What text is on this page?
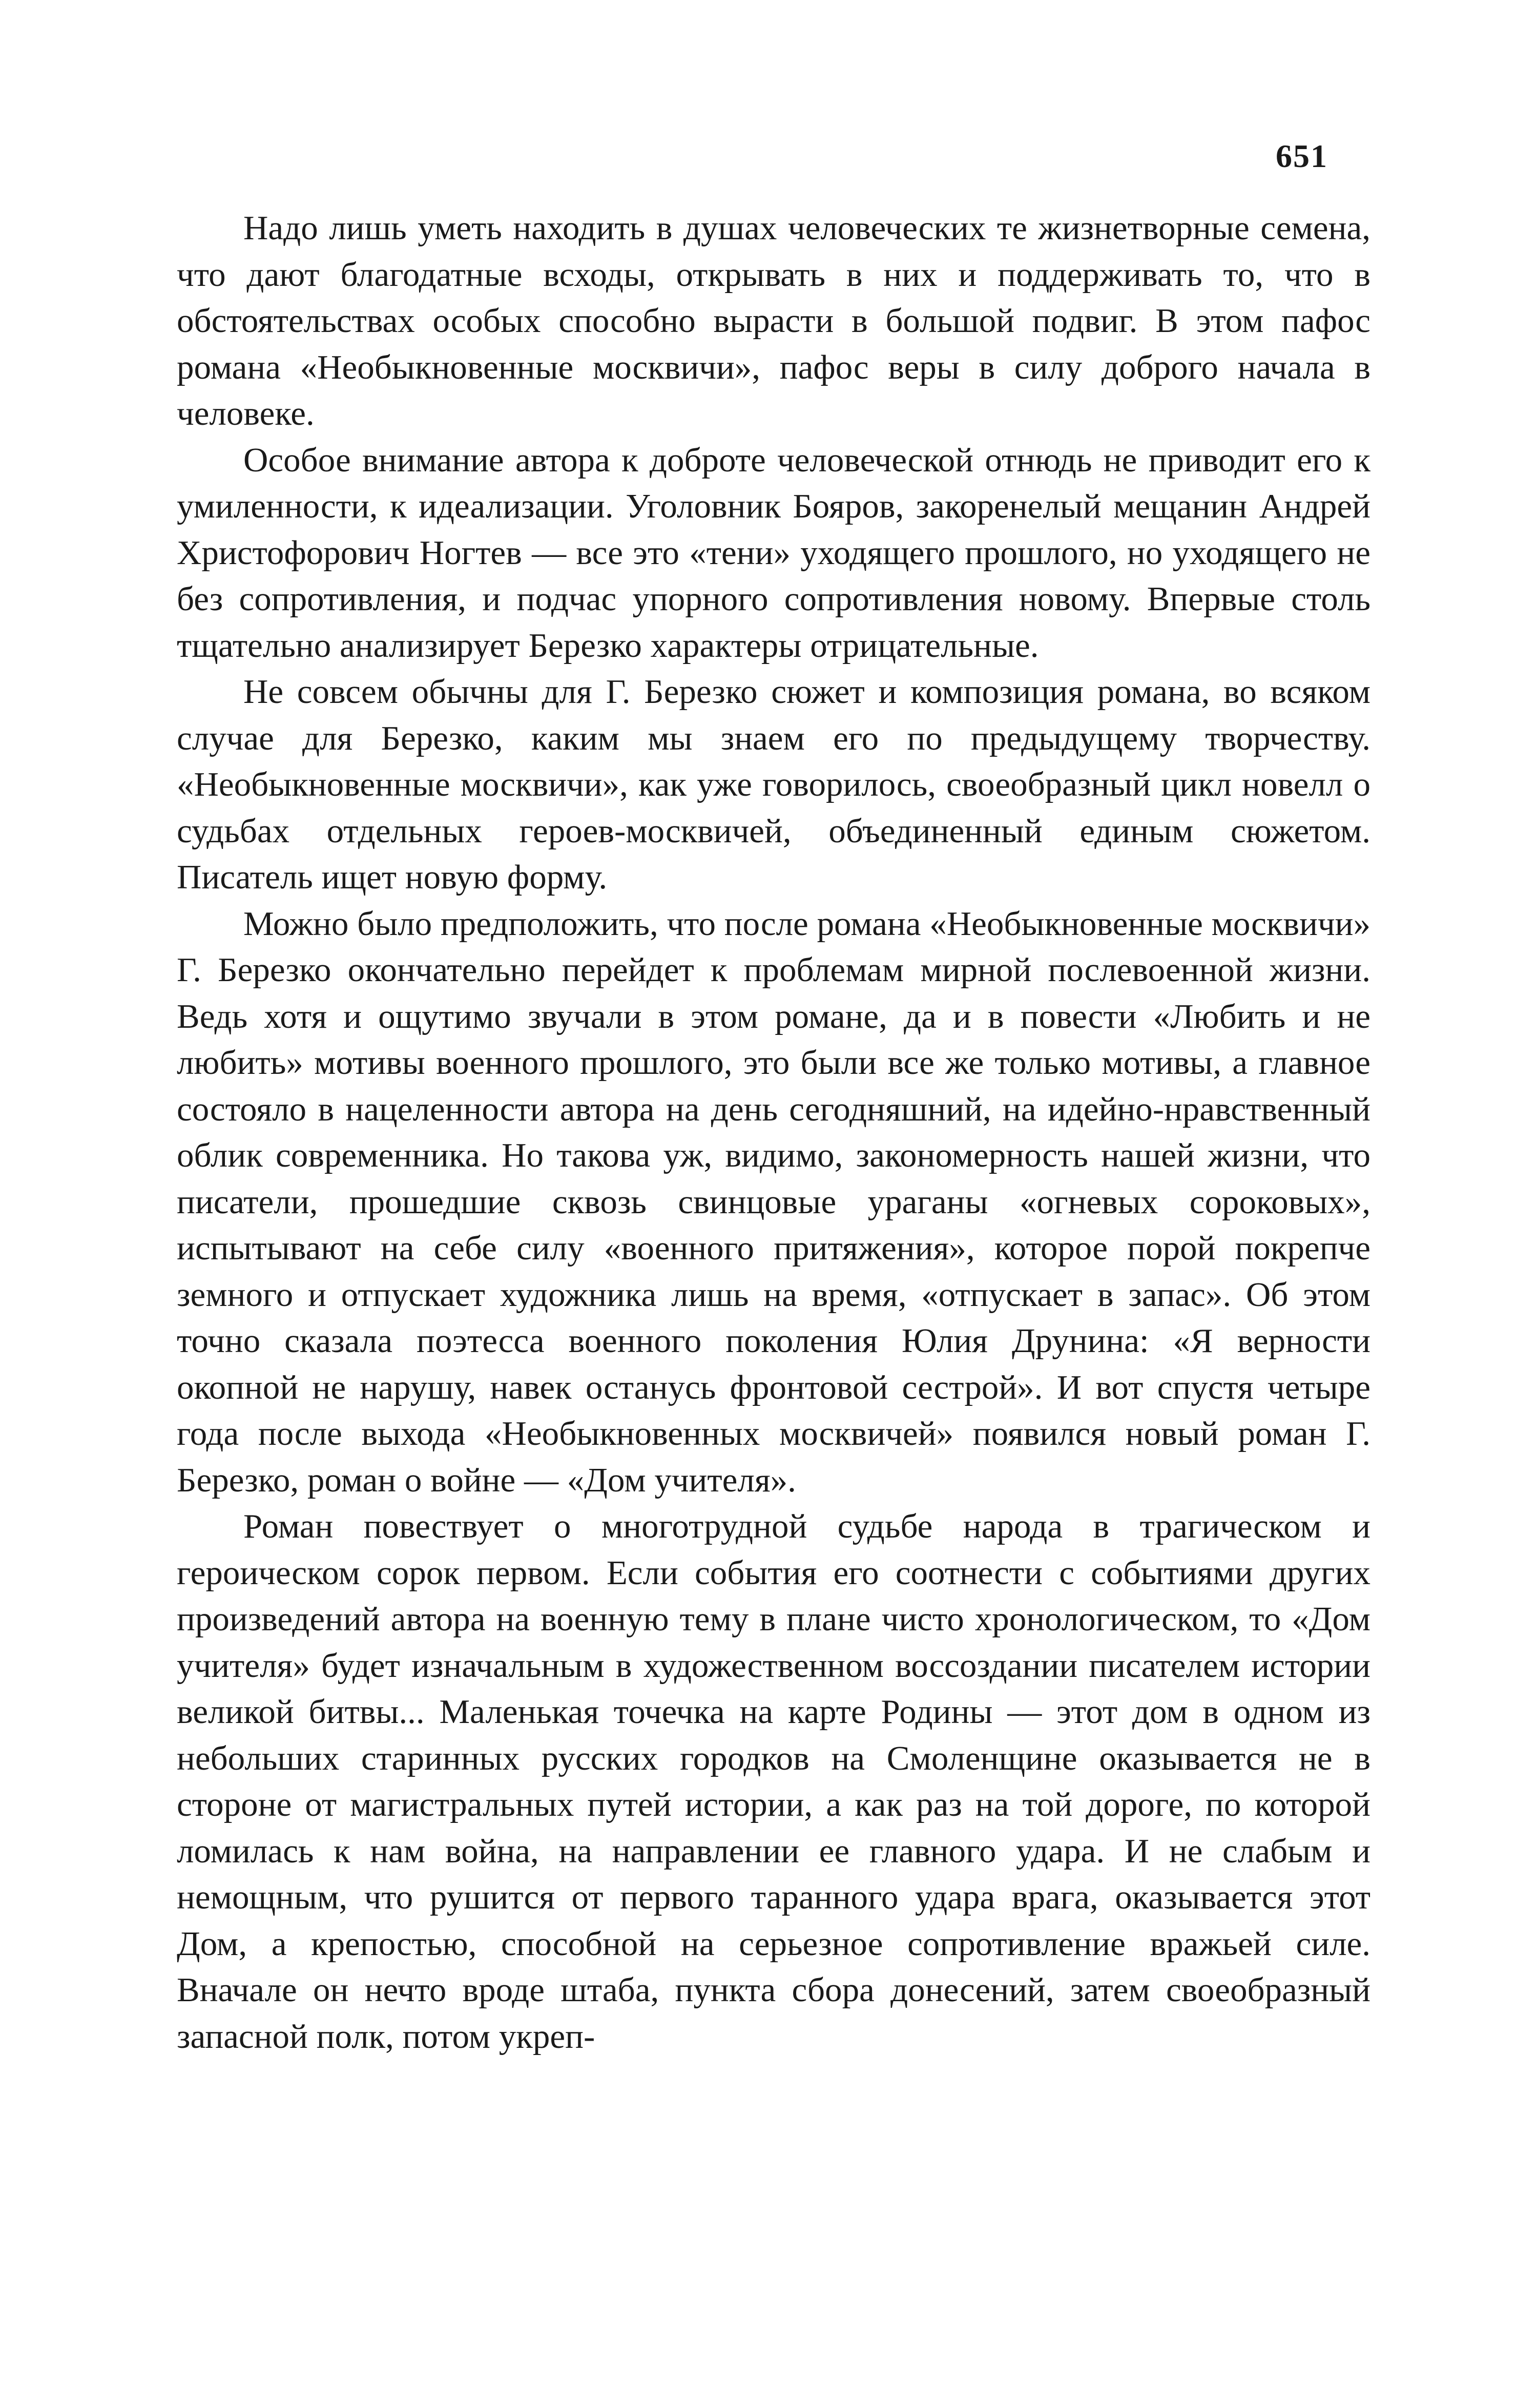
651

Надо лишь уметь находить в душах человеческих те жизнетворные семена, что дают благодатные всходы, открывать в них и поддерживать то, что в обстоятельствах особых способно вырасти в большой подвиг. В этом пафос романа «Необыкновенные москвичи», пафос веры в силу доброго начала в человеке.

Особое внимание автора к доброте человеческой отнюдь не приводит его к умиленности, к идеализации. Уголовник Бояров, закоренелый мещанин Андрей Христофорович Ногтев — все это «тени» уходящего прошлого, но уходящего не без сопротивления, и подчас упорного сопротивления новому. Впервые столь тщательно анализирует Березко характеры отрицательные.

Не совсем обычны для Г. Березко сюжет и композиция романа, во всяком случае для Березко, каким мы знаем его по предыдущему творчеству. «Необыкновенные москвичи», как уже говорилось, своеобразный цикл новелл о судьбах отдельных героев-москвичей, объединенный единым сюжетом. Писатель ищет новую форму.

Можно было предположить, что после романа «Необыкновенные москвичи» Г. Березко окончательно перейдет к проблемам мирной послевоенной жизни. Ведь хотя и ощутимо звучали в этом романе, да и в повести «Любить и не любить» мотивы военного прошлого, это были все же только мотивы, а главное состояло в нацеленности автора на день сегодняшний, на идейно-нравственный облик современника. Но такова уж, видимо, закономерность нашей жизни, что писатели, прошедшие сквозь свинцовые ураганы «огневых сороковых», испытывают на себе силу «военного притяжения», которое порой покрепче земного и отпускает художника лишь на время, «отпускает в запас». Об этом точно сказала поэтесса военного поколения Юлия Друнина: «Я верности окопной не нарушу, навек останусь фронтовой сестрой». И вот спустя четыре года после выхода «Необыкновенных москвичей» появился новый роман Г. Березко, роман о войне — «Дом учителя».

Роман повествует о многотрудной судьбе народа в трагическом и героическом сорок первом. Если события его соотнести с событиями других произведений автора на военную тему в плане чисто хронологическом, то «Дом учителя» будет изначальным в художественном воссоздании писателем истории великой битвы... Маленькая точечка на карте Родины — этот дом в одном из небольших старинных русских городков на Смоленщине оказывается не в стороне от магистральных путей истории, а как раз на той дороге, по которой ломилась к нам война, на направлении ее главного удара. И не слабым и немощным, что рушится от первого таранного удара врага, оказывается этот Дом, а крепостью, способной на серьезное сопротивление вражьей силе. Вначале он нечто вроде штаба, пункта сбора донесений, затем своеобразный запасной полк, потом укреп-
